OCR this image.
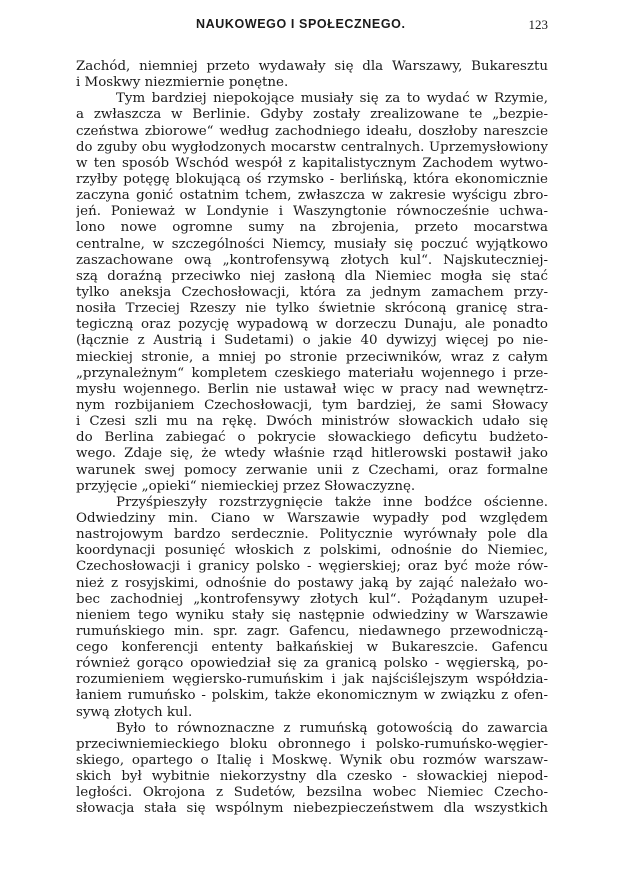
NAUKOWEGO I SPOŁECZNEGO.	123
Zachód, niemniej przeto wydawały się dla Warszawy, Bukaresztu
i Moskwy niezmiernie ponętne.
Tym bardziej niepokojące musiały się za to wydać w Rzymie,
a zwłaszcza w Berlinie. Gdyby zostały zrealizowane te „bezpie-
czeństwa zbiorowe“ według zachodniego ideału, doszłoby nareszcie
do zguby obu wygłodzonych mocarstw centralnych. Uprzemysłowiony
w ten sposób Wschód wespół z kapitalistycznym Zachodem wytwo-
rzyłby potęgę blokującą oś rzymsko - berlińską, która ekonomicznie
zaczyna gonić ostatnim tchem, zwłaszcza w zakresie wyścigu zbro-
jeń. Ponieważ w Londynie i Waszyngtonie równocześnie uchwa-
lono nowe ogromne sumy na zbrojenia, przeto mocarstwa
centralne, w szczególności Niemcy, musiały się poczuć wyjątkowo
zaszachowane ową „kontrofensywą złotych kul“. Najskuteczniej-
szą doraźną przeciwko niej zasłoną dla Niemiec mogła się stać
tylko aneksja Czechosłowacji, która za jednym zamachem przy-
nosiła Trzeciej Rzeszy nie tylko świetnie skróconą granicę stra-
tegiczną oraz pozycję wypadową w dorzeczu Dunaju, ale ponadto
(łącznie z Austrią i Sudetami) o jakie 40 dywizyj więcej po nie-
mieckiej stronie, a mniej po stronie przeciwników, wraz z całym
„przynależnym“ kompletem czeskiego materiału wojennego i prze-
mysłu wojennego. Berlin nie ustawał więc w pracy nad wewnętrz-
nym rozbijaniem Czechosłowacji, tym bardziej, że sami Słowacy
i Czesi szli mu na rękę. Dwóch ministrów słowackich udało się
do Berlina zabiegać o pokrycie słowackiego deficytu budżeto-
wego. Zdaje się, że wtedy właśnie rząd hitlerowski postawił jako
warunek swej pomocy zerwanie unii z Czechami, oraz formalne
przyjęcie „opieki“ niemieckiej przez Słowaczyznę.
Przyśpieszyły rozstrzygnięcie także inne bodźce ościenne.
Odwiedziny min. Ciano w Warszawie wypadły pod względem
nastrojowym bardzo serdecznie. Politycznie wyrównały pole dla
koordynacji posunięć włoskich z polskimi, odnośnie do Niemiec,
Czechosłowacji i granicy polsko - węgierskiej; oraz być może rów-
nież z rosyjskimi, odnośnie do postawy jaką by zająć należało wo-
bec zachodniej „kontrofensywy złotych kul“. Pożądanym uzupeł-
nieniem tego wyniku stały się następnie odwiedziny w Warszawie
rumuńskiego min. spr. zagr. Gafencu, niedawnego przewodniczą-
cego konferencji ententy bałkańskiej w Bukareszcie. Gafencu
również gorąco opowiedział się za granicą polsko - węgierską, po-
rozumieniem węgiersko-rumuńskim i jak najściślejszym współdzia-
łaniem rumuńsko - polskim, także ekonomicznym w związku z ofen-
sywą złotych kul.
Było to równoznaczne z rumuńską gotowością do zawarcia
przeciwniemieckiego bloku obronnego i polsko-rumuńsko-węgier-
skiego, opartego o Italię i Moskwę. Wynik obu rozmów warszaw-
skich był wybitnie niekorzystny dla czesko - słowackiej niepod-
ległości. Okrojona z Sudetów, bezsilna wobec Niemiec Czecho-
słowacja stała się wspólnym niebezpieczeństwem dla wszystkich
